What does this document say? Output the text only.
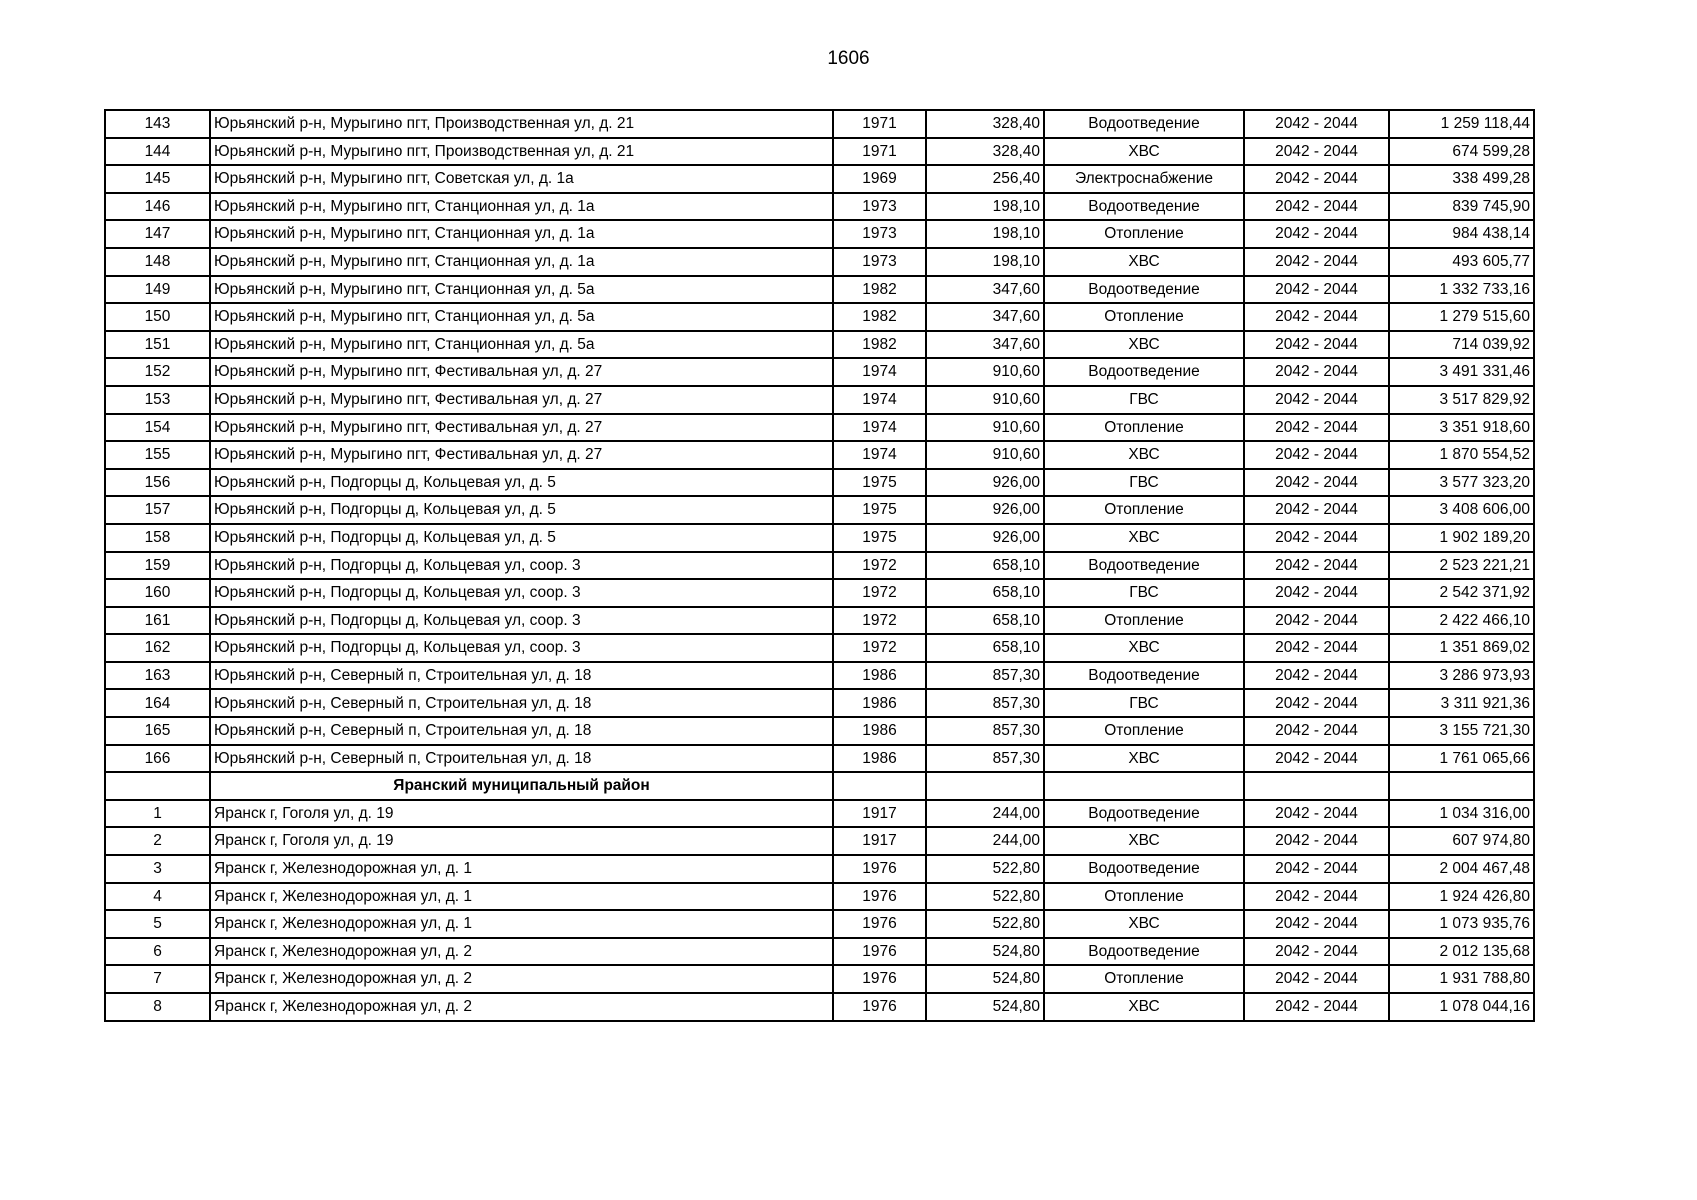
1606
143	Юрьянский р-н, Мурыгино пгт, Производственная ул, д. 21	1971	328,40	Водоотведение	2042 - 2044	1 259 118,44
144	Юрьянский р-н, Мурыгино пгт, Производственная ул, д. 21	1971	328,40	ХВС	2042 - 2044	674 599,28
145	Юрьянский р-н, Мурыгино пгт, Советская ул, д. 1а	1969	256,40	Электроснабжение	2042 - 2044	338 499,28
146	Юрьянский р-н, Мурыгино пгт, Станционная ул, д. 1а	1973	198,10	Водоотведение	2042 - 2044	839 745,90
147	Юрьянский р-н, Мурыгино пгт, Станционная ул, д. 1а	1973	198,10	Отопление	2042 - 2044	984 438,14
148	Юрьянский р-н, Мурыгино пгт, Станционная ул, д. 1а	1973	198,10	ХВС	2042 - 2044	493 605,77
149	Юрьянский р-н, Мурыгино пгт, Станционная ул, д. 5а	1982	347,60	Водоотведение	2042 - 2044	1 332 733,16
150	Юрьянский р-н, Мурыгино пгт, Станционная ул, д. 5а	1982	347,60	Отопление	2042 - 2044	1 279 515,60
151	Юрьянский р-н, Мурыгино пгт, Станционная ул, д. 5а	1982	347,60	ХВС	2042 - 2044	714 039,92
152	Юрьянский р-н, Мурыгино пгт, Фестивальная ул, д. 27	1974	910,60	Водоотведение	2042 - 2044	3 491 331,46
153	Юрьянский р-н, Мурыгино пгт, Фестивальная ул, д. 27	1974	910,60	ГВС	2042 - 2044	3 517 829,92
154	Юрьянский р-н, Мурыгино пгт, Фестивальная ул, д. 27	1974	910,60	Отопление	2042 - 2044	3 351 918,60
155	Юрьянский р-н, Мурыгино пгт, Фестивальная ул, д. 27	1974	910,60	ХВС	2042 - 2044	1 870 554,52
156	Юрьянский р-н, Подгорцы д, Кольцевая ул, д. 5	1975	926,00	ГВС	2042 - 2044	3 577 323,20
157	Юрьянский р-н, Подгорцы д, Кольцевая ул, д. 5	1975	926,00	Отопление	2042 - 2044	3 408 606,00
158	Юрьянский р-н, Подгорцы д, Кольцевая ул, д. 5	1975	926,00	ХВС	2042 - 2044	1 902 189,20
159	Юрьянский р-н, Подгорцы д, Кольцевая ул, соор. 3	1972	658,10	Водоотведение	2042 - 2044	2 523 221,21
160	Юрьянский р-н, Подгорцы д, Кольцевая ул, соор. 3	1972	658,10	ГВС	2042 - 2044	2 542 371,92
161	Юрьянский р-н, Подгорцы д, Кольцевая ул, соор. 3	1972	658,10	Отопление	2042 - 2044	2 422 466,10
162	Юрьянский р-н, Подгорцы д, Кольцевая ул, соор. 3	1972	658,10	ХВС	2042 - 2044	1 351 869,02
163	Юрьянский р-н, Северный п, Строительная ул, д. 18	1986	857,30	Водоотведение	2042 - 2044	3 286 973,93
164	Юрьянский р-н, Северный п, Строительная ул, д. 18	1986	857,30	ГВС	2042 - 2044	3 311 921,36
165	Юрьянский р-н, Северный п, Строительная ул, д. 18	1986	857,30	Отопление	2042 - 2044	3 155 721,30
166	Юрьянский р-н, Северный п, Строительная ул, д. 18	1986	857,30	ХВС	2042 - 2044	1 761 065,66
	Яранский муниципальный район					
1	Яранск г, Гоголя ул, д. 19	1917	244,00	Водоотведение	2042 - 2044	1 034 316,00
2	Яранск г, Гоголя ул, д. 19	1917	244,00	ХВС	2042 - 2044	607 974,80
3	Яранск г, Железнодорожная ул, д. 1	1976	522,80	Водоотведение	2042 - 2044	2 004 467,48
4	Яранск г, Железнодорожная ул, д. 1	1976	522,80	Отопление	2042 - 2044	1 924 426,80
5	Яранск г, Железнодорожная ул, д. 1	1976	522,80	ХВС	2042 - 2044	1 073 935,76
6	Яранск г, Железнодорожная ул, д. 2	1976	524,80	Водоотведение	2042 - 2044	2 012 135,68
7	Яранск г, Железнодорожная ул, д. 2	1976	524,80	Отопление	2042 - 2044	1 931 788,80
8	Яранск г, Железнодорожная ул, д. 2	1976	524,80	ХВС	2042 - 2044	1 078 044,16
